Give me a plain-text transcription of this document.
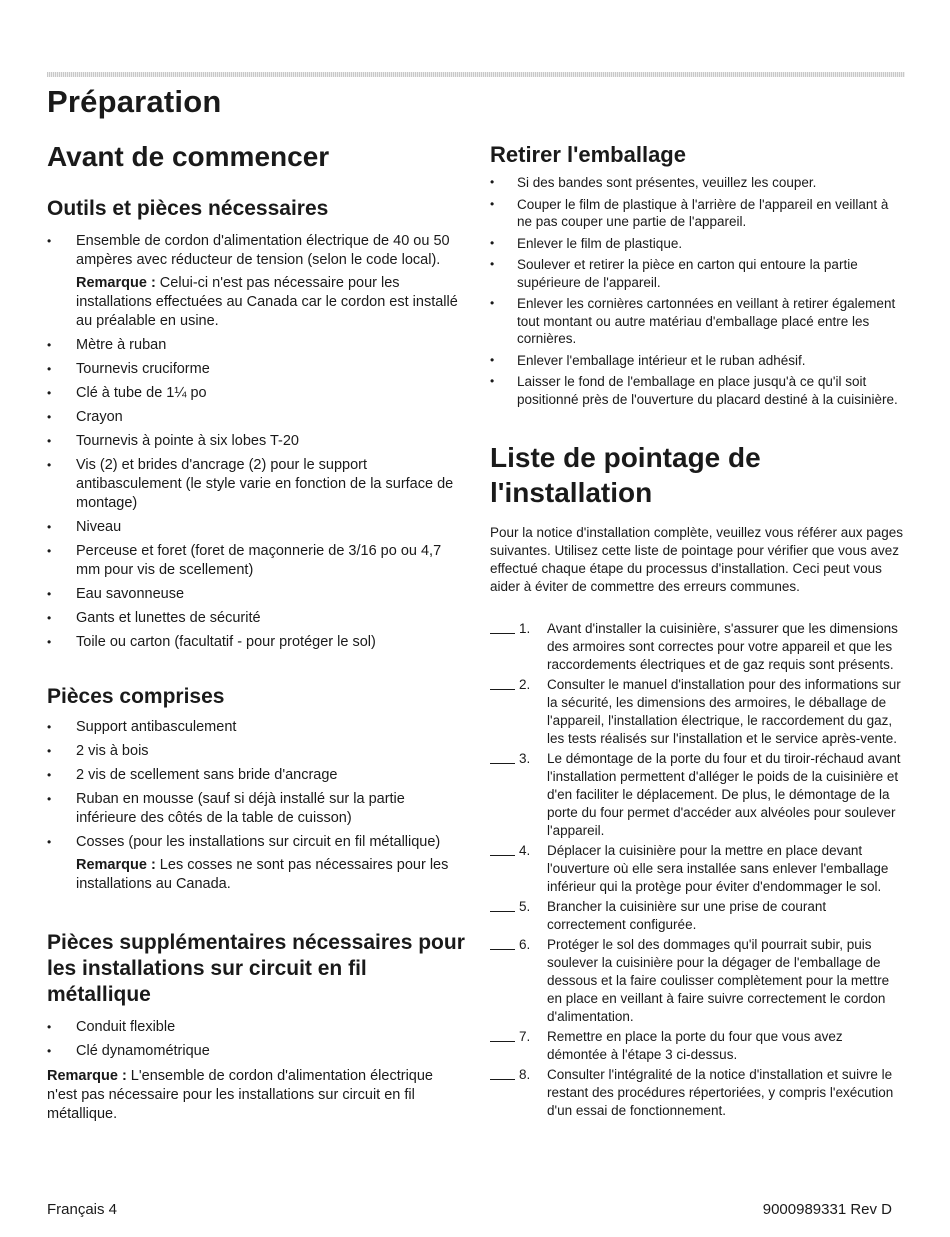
Préparation
Avant de commencer
Outils et pièces nécessaires
• Ensemble de cordon d'alimentation électrique de 40 ou 50 ampères avec réducteur de tension (selon le code local).
Remarque : Celui-ci n'est pas nécessaire pour les installations effectuées au Canada car le cordon est installé au préalable en usine.
• Mètre à ruban
• Tournevis cruciforme
• Clé à tube de 1¼ po
• Crayon
• Tournevis à pointe à six lobes T-20
• Vis (2) et brides d'ancrage (2) pour le support antibasculement (le style varie en fonction de la surface de montage)
• Niveau
• Perceuse et foret (foret de maçonnerie de 3/16 po ou 4,7 mm pour vis de scellement)
• Eau savonneuse
• Gants et lunettes de sécurité
• Toile ou carton (facultatif - pour protéger le sol)
Pièces comprises
• Support antibasculement
• 2 vis à bois
• 2 vis de scellement sans bride d'ancrage
• Ruban en mousse (sauf si déjà installé sur la partie inférieure des côtés de la table de cuisson)
• Cosses (pour les installations sur circuit en fil métallique)
Remarque : Les cosses ne sont pas nécessaires pour les installations au Canada.
Pièces supplémentaires nécessaires pour les installations sur circuit en fil métallique
• Conduit flexible
• Clé dynamométrique

Remarque : L'ensemble de cordon d'alimentation électrique n'est pas nécessaire pour les installations sur circuit en fil métallique.

Retirer l'emballage
• Si des bandes sont présentes, veuillez les couper.
• Couper le film de plastique à l'arrière de l'appareil en veillant à ne pas couper une partie de l'appareil.
• Enlever le film de plastique.
• Soulever et retirer la pièce en carton qui entoure la partie supérieure de l'appareil.
• Enlever les cornières cartonnées en veillant à retirer également tout montant ou autre matériau d'emballage placé entre les cornières.
• Enlever l'emballage intérieur et le ruban adhésif.
• Laisser le fond de l'emballage en place jusqu'à ce qu'il soit positionné près de l'ouverture du placard destiné à la cuisinière.
Liste de pointage de l'installation

Pour la notice d'installation complète, veuillez vous référer aux pages suivantes. Utilisez cette liste de pointage pour vérifier que vous avez effectué chaque étape du processus d'installation. Ceci peut vous aider à éviter de commettre des erreurs communes.

1. Avant d'installer la cuisinière, s'assurer que les dimensions des armoires sont correctes pour votre appareil et que les raccordements électriques et de gaz requis sont présents.
2. Consulter le manuel d'installation pour des informations sur la sécurité, les dimensions des armoires, le déballage de l'appareil, l'installation électrique, le raccordement du gaz, les tests réalisés sur l'installation et le service après-vente.
3. Le démontage de la porte du four et du tiroir-réchaud avant l'installation permettent d'alléger le poids de la cuisinière et d'en faciliter le déplacement. De plus, le démontage de la porte du four permet d'accéder aux alvéoles pour soulever l'appareil.
4. Déplacer la cuisinière pour la mettre en place devant l'ouverture où elle sera installée sans enlever l'emballage inférieur qui la protège pour éviter d'endommager le sol.
5. Brancher la cuisinière sur une prise de courant correctement configurée.
6. Protéger le sol des dommages qu'il pourrait subir, puis soulever la cuisinière pour la dégager de l'emballage de dessous et la faire coulisser complètement pour la mettre en place en veillant à faire suivre correctement le cordon d'alimentation.
7. Remettre en place la porte du four que vous avez démontée à l'étape 3 ci-dessus.
8. Consulter l'intégralité de la notice d'installation et suivre le restant des procédures répertoriées, y compris l'exécution d'un essai de fonctionnement.
Français 4	9000989331 Rev D
